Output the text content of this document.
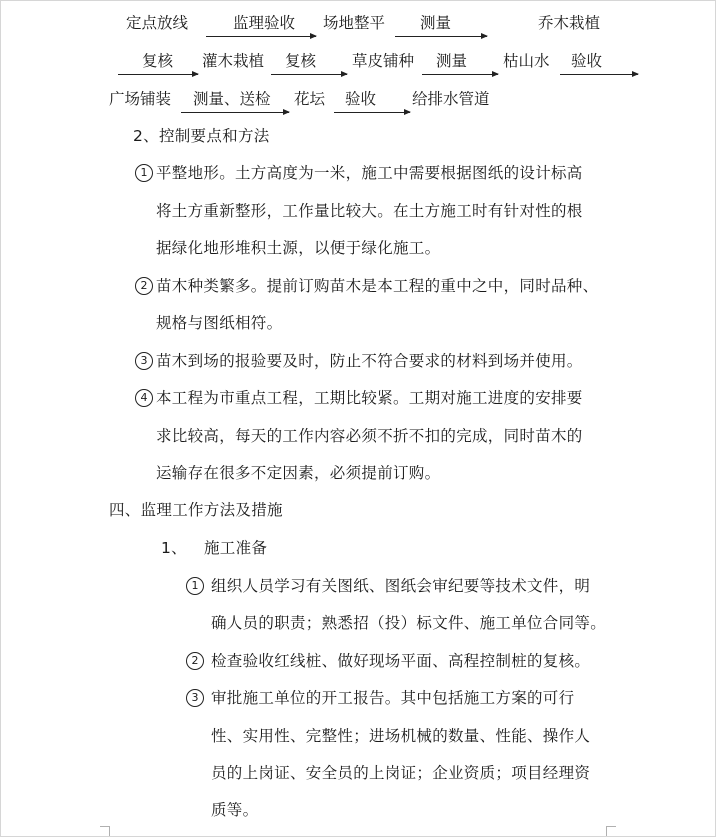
定点放线	监理验收 场地整平 测量	乔木栽植
复核 灌木栽植 复核 草皮铺种 测量 枯山水 验收
广场铺装 测量、送检 花坛 验收 给排水管道
2、控制要点和方法
1 平整地形。土方高度为一米，施工中需要根据图纸的设计标高
将土方重新整形，工作量比较大。在土方施工时有针对性的根
据绿化地形堆积土源，以便于绿化施工。
2 苗木种类繁多。提前订购苗木是本工程的重中之中，同时品种、
规格与图纸相符。
3 苗木到场的报验要及时，防止不符合要求的材料到场并使用。
4 本工程为市重点工程，工期比较紧。工期对施工进度的安排要
求比较高，每天的工作内容必须不折不扣的完成，同时苗木的
运输存在很多不定因素，必须提前订购。
四、监理工作方法及措施
1、 施工准备
1 组织人员学习有关图纸、图纸会审纪要等技术文件，明
确人员的职责；熟悉招（投）标文件、施工单位合同等。
2 检查验收红线桩、做好现场平面、高程控制桩的复核。
3 审批施工单位的开工报告。其中包括施工方案的可行
性、实用性、完整性；进场机械的数量、性能、操作人
员的上岗证、安全员的上岗证；企业资质；项目经理资
质等。
